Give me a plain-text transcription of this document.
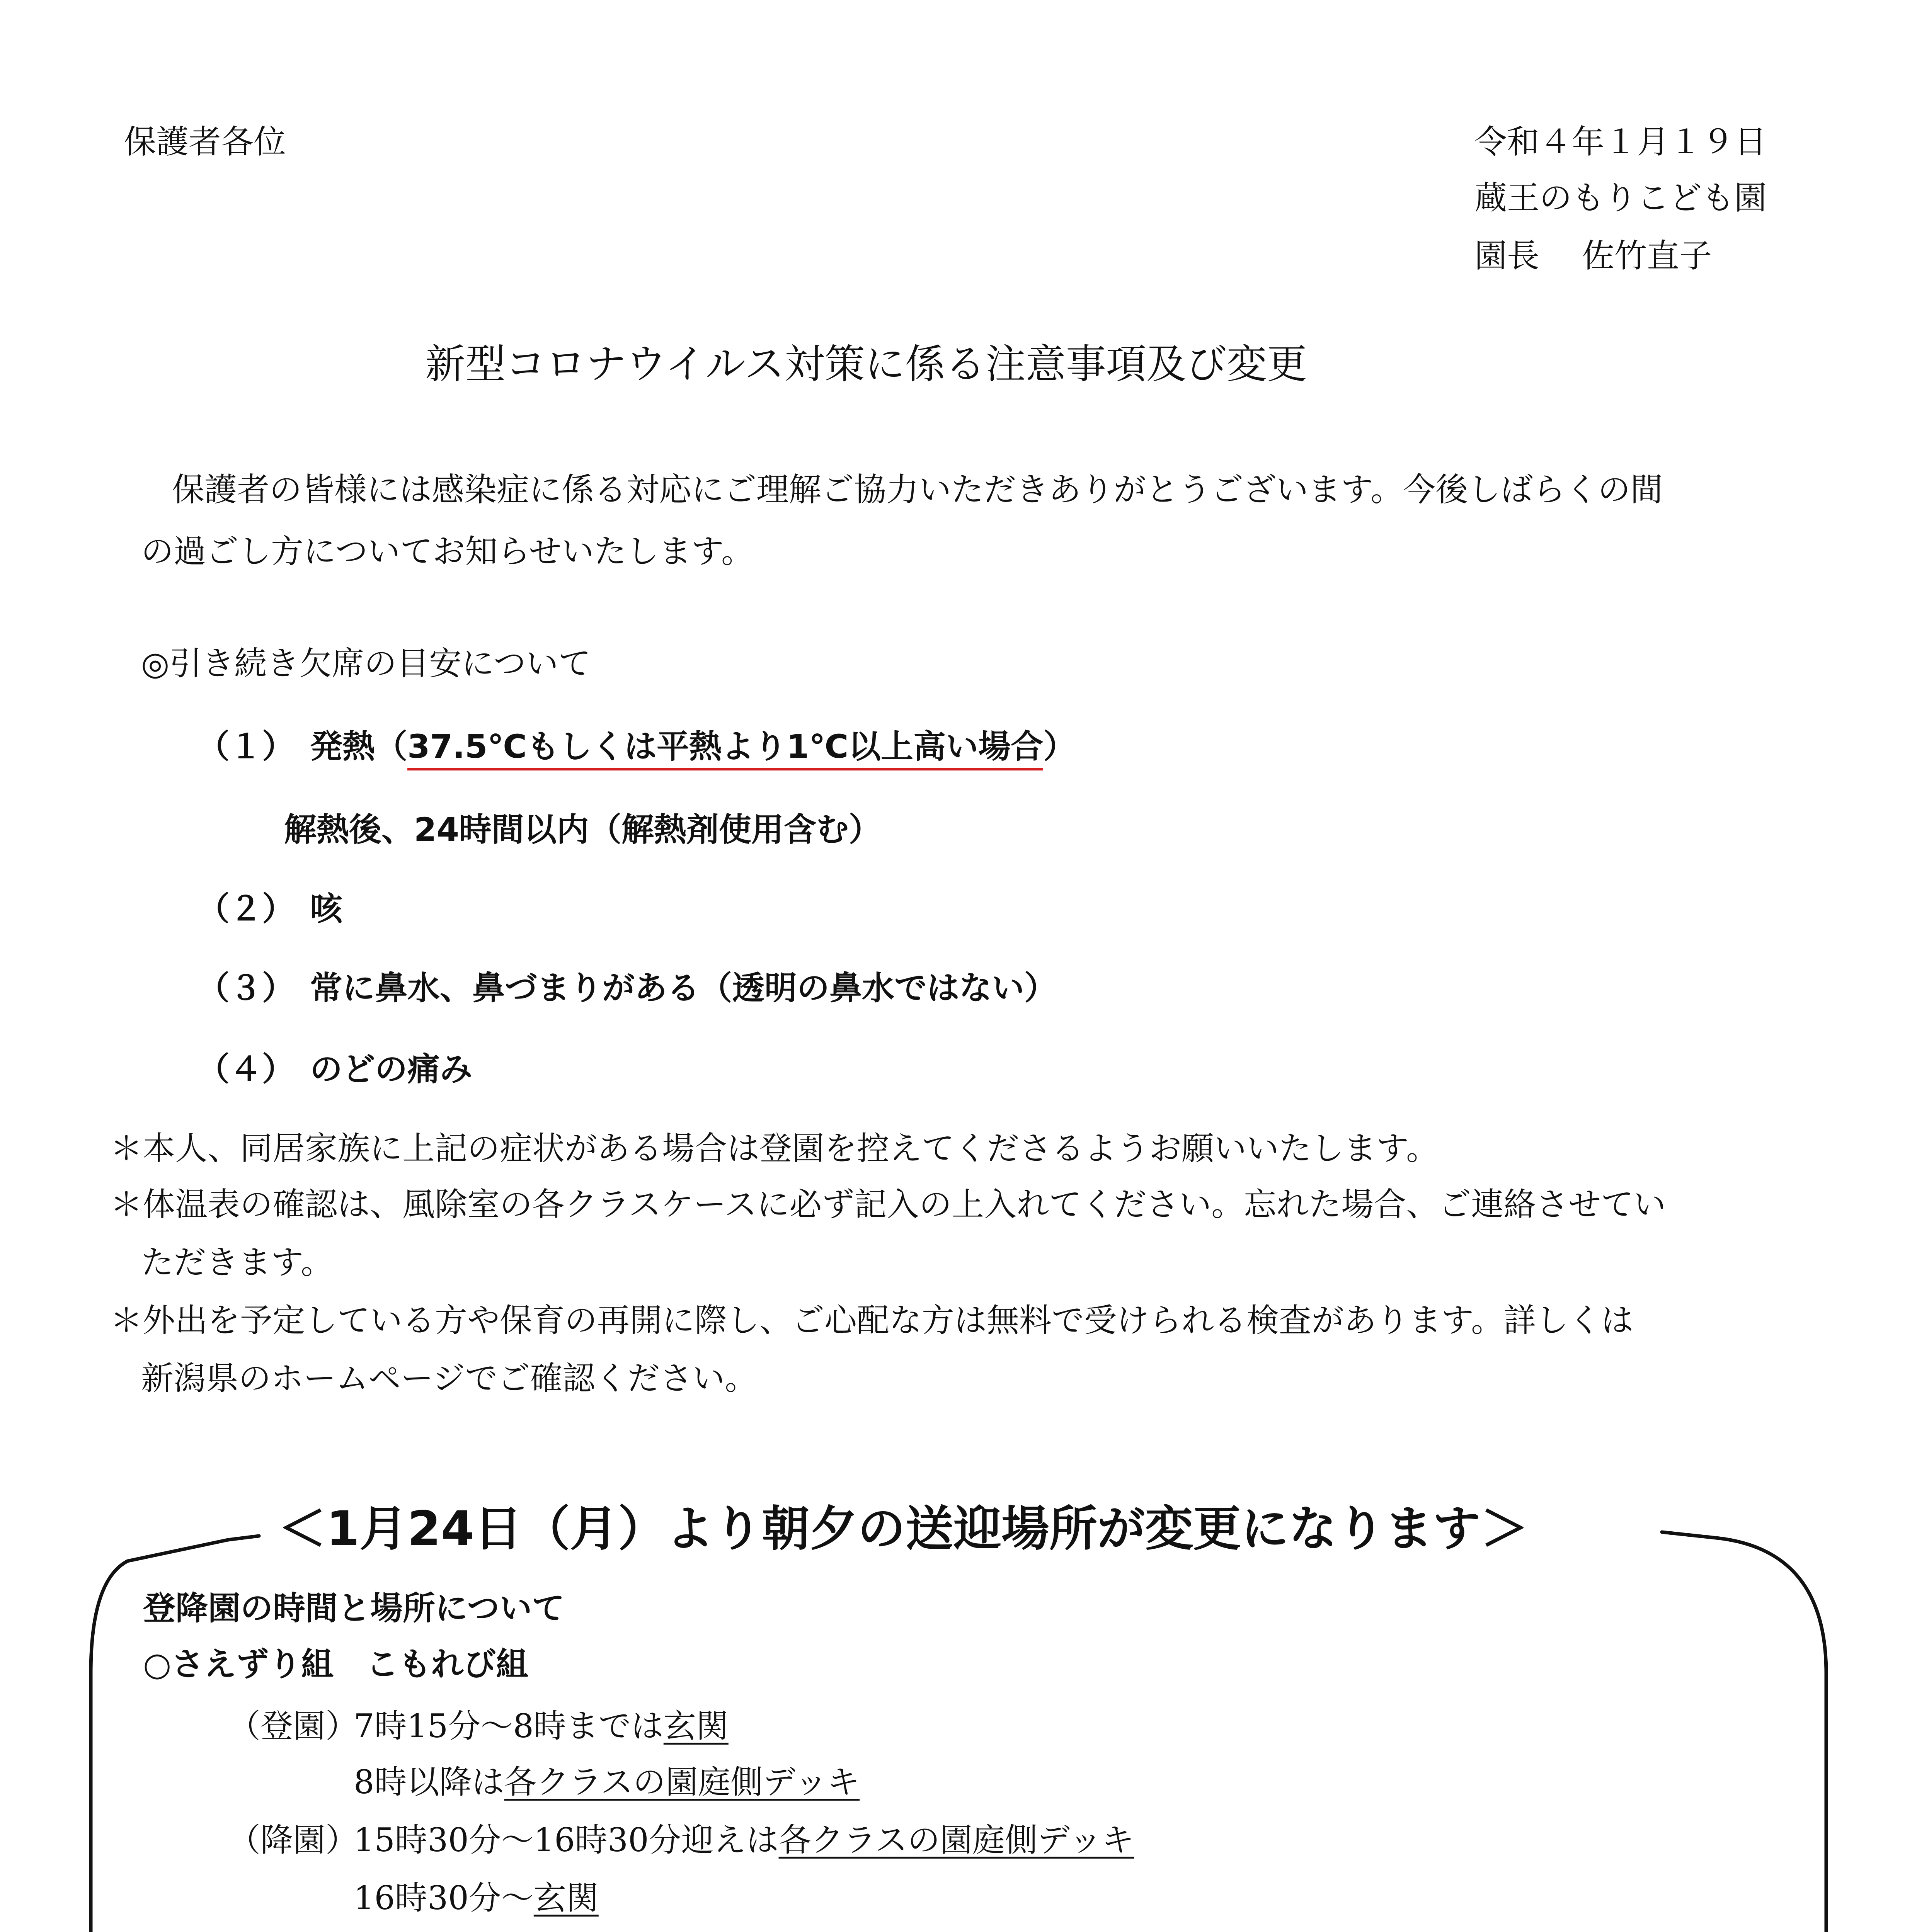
保護者各位	令和４年１月１９日
蔵王のもりこども園
園長 佐竹直子
新型コロナウイルス対策に係る注意事項及び変更
保護者の皆様には感染症に係る対応にご理解ご協力いただきありがとうございます。今後しばらくの間
の過ごし方についてお知らせいたします。
◎引き続き欠席の目安について
（１） 発熱（37.5℃もしくは平熱より1℃以上高い場合）
解熱後、24時間以内（解熱剤使用含む）
（２） 咳
（３） 常に鼻水、鼻づまりがある（透明の鼻水ではない）
（４） のどの痛み
＊本人、同居家族に上記の症状がある場合は登園を控えてくださるようお願いいたします。
＊体温表の確認は、風除室の各クラスケースに必ず記入の上入れてください。忘れた場合、ご連絡させてい
ただきます。
＊外出を予定している方や保育の再開に際し、ご心配な方は無料で受けられる検査があります。詳しくは
新潟県のホームページでご確認ください。
＜1月24日（月）より朝夕の送迎場所が変更になります＞
登降園の時間と場所について
○さえずり組　こもれび組
（登園）
7時15分～8時までは玄関
8時以降は各クラスの園庭側デッキ
（降園）
15時30分～16時30分迎えは各クラスの園庭側デッキ
16時30分～玄関
